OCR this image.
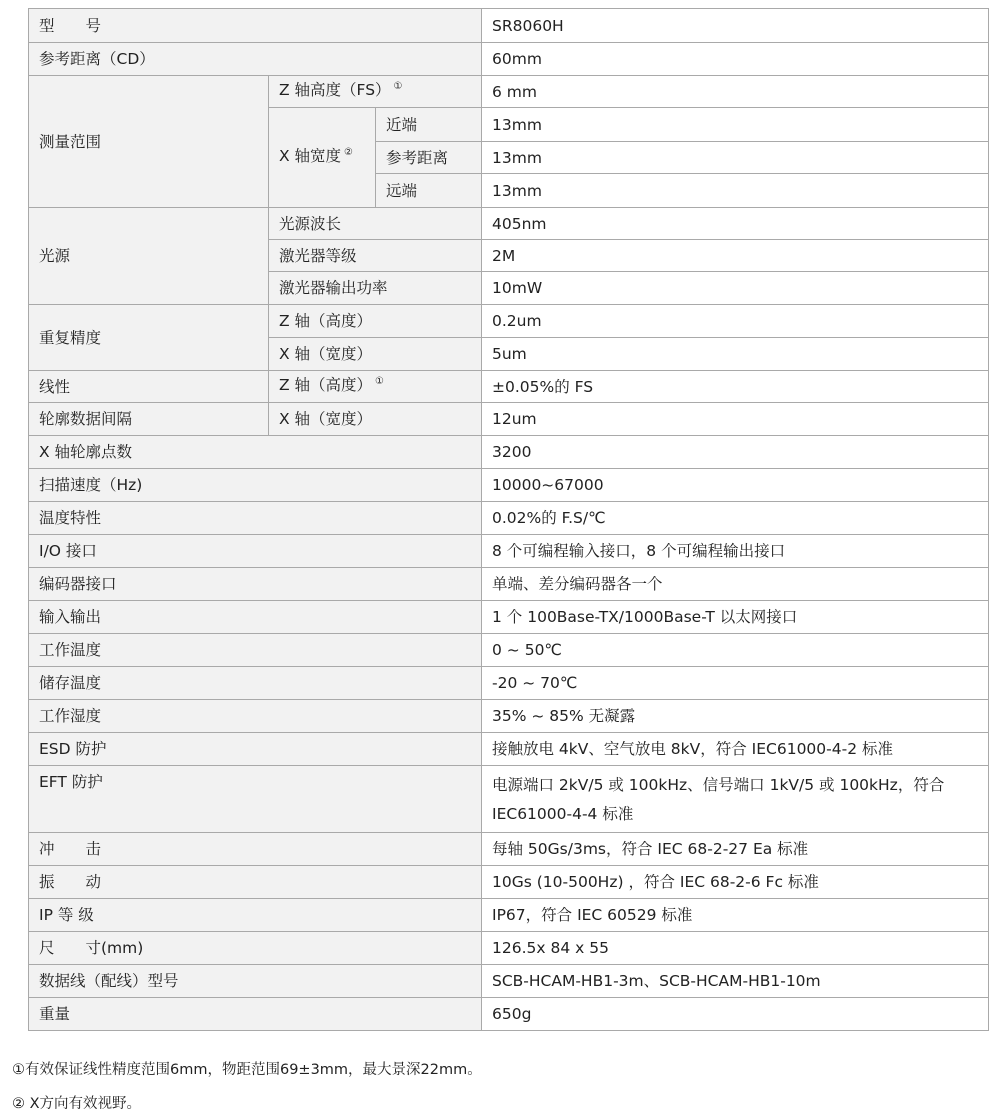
型　　号			SR8060H
参考距离（CD）			60mm
测量范围	Z 轴高度（FS） ①		6 mm
	X 轴宽度 ②	近端	13mm
		参考距离	13mm
		远端	13mm
光源	光源波长		405nm
	激光器等级		2M
	激光器输出功率		10mW
重复精度	Z 轴（高度）		0.2um
	X 轴（宽度）		5um
线性	Z 轴（高度） ①		±0.05%的 FS
轮廓数据间隔	X 轴（宽度）		12um
X 轴轮廓点数			3200
扫描速度（Hz)			10000~67000
温度特性			0.02%的 F.S/℃
I/O 接口			8 个可编程输入接口，8 个可编程输出接口
编码器接口			单端、差分编码器各一个
输入输出			1 个 100Base-TX/1000Base-T 以太网接口
工作温度			0 ~ 50℃
储存温度			-20 ~ 70℃
工作湿度			35% ~ 85% 无凝露
ESD 防护			接触放电 4kV、空气放电 8kV，符合 IEC61000-4-2 标准
EFT 防护			电源端口 2kV/5 或 100kHz、信号端口 1kV/5 或 100kHz，符合
IEC61000-4-4 标准

冲　　击			每轴 50Gs/3ms，符合 IEC 68-2-27 Ea 标准
振　　动			10Gs (10-500Hz) ，符合 IEC 68-2-6 Fc 标准
IP 等 级			IP67，符合 IEC 60529 标准
尺　　寸(mm)			126.5x 84 x 55
数据线（配线）型号			SCB-HCAM-HB1-3m、SCB-HCAM-HB1-10m
重量			650g
①有效保证线性精度范围6mm，物距范围69±3mm，最大景深22mm。
② X方向有效视野。
